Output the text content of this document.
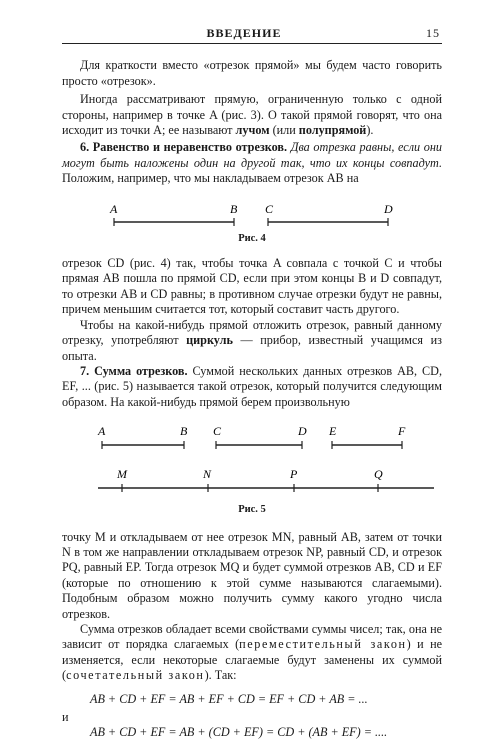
ВВЕДЕНИЕ	15

Для краткости вместо «отрезок прямой» мы будем часто говорить просто «отрезок».

Иногда рассматривают прямую, ограниченную только с одной стороны, например в точке A (рис. 3). О такой прямой говорят, что она исходит из точки A; ее называют лучом (или полупрямой).

6. Равенство и неравенство отрезков. Два отрезка равны, если они могут быть наложены один на другой так, что их концы совпадут. Положим, например, что мы накладываем отрезок AB на

A	B C	D
Рис. 4

отрезок CD (рис. 4) так, чтобы точка A совпала с точкой C и чтобы прямая AB пошла по прямой CD, если при этом концы B и D совпадут, то отрезки AB и CD равны; в противном случае отрезки будут не равны, причем меньшим считается тот, который составит часть другого.

Чтобы на какой-нибудь прямой отложить отрезок, равный данному отрезку, употребляют циркуль — прибор, известный учащимся из опыта.

7. Сумма отрезков. Суммой нескольких данных отрезков AB, CD, EF, ... (рис. 5) называется такой отрезок, который получится следующим образом. На какой-нибудь прямой берем произвольную

A	B C	D E	F
M	N	P	Q
Рис. 5

точку M и откладываем от нее отрезок MN, равный AB, затем от точки N в том же направлении откладываем отрезок NP, равный CD, и отрезок PQ, равный EP. Тогда отрезок MQ и будет суммой отрезков AB, CD и EF (которые по отношению к этой сумме называются слагаемыми). Подобным образом можно получить сумму какого угодно числа отрезков.

Сумма отрезков обладает всеми свойствами суммы чисел; так, она не зависит от порядка слагаемых (переместительный закон) и не изменяется, если некоторые слагаемые будут заменены их суммой (сочетательный закон). Так:

AB + CD + EF = AB + EF + CD = EF + CD + AB = ...

и

AB + CD + EF = AB + (CD + EF) = CD + (AB + EF) = ....
